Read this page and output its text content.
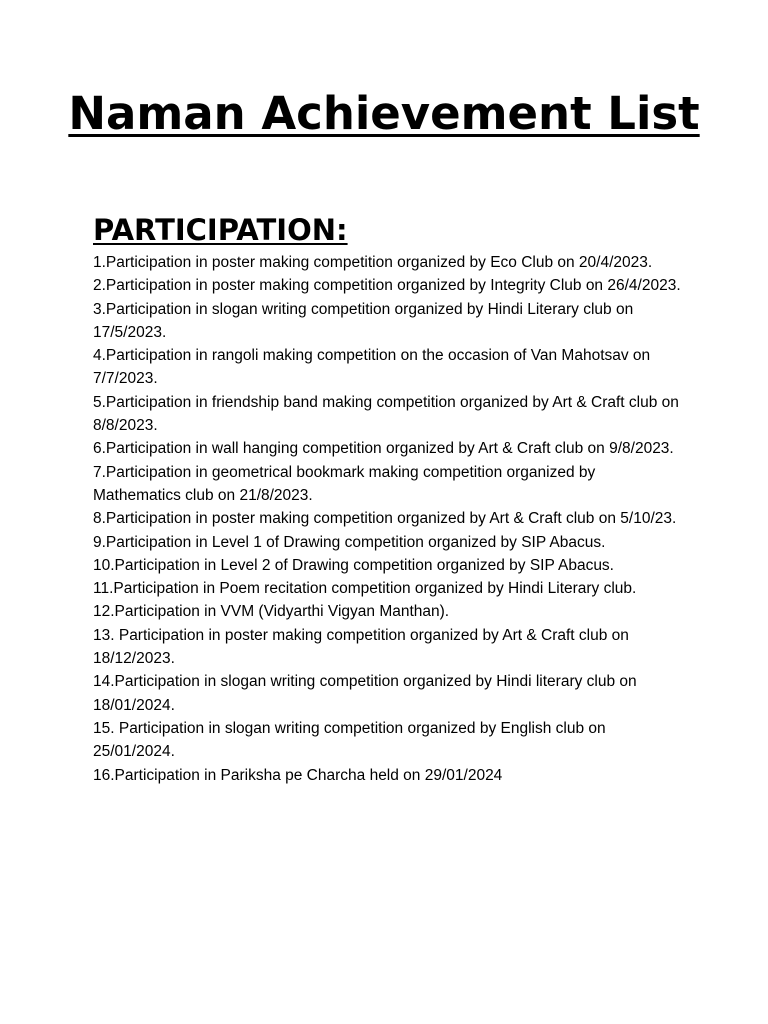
Naman Achievement List
PARTICIPATION:
1.Participation in poster making competition organized by Eco Club on 20/4/2023.
2.Participation in poster making competition organized by Integrity Club on 26/4/2023.
3.Participation in slogan writing competition organized by Hindi Literary club on 17/5/2023.
4.Participation in rangoli making competition on the occasion of Van Mahotsav on 7/7/2023.
5.Participation in friendship band making competition organized by Art & Craft club on 8/8/2023.
6.Participation in wall hanging competition organized by Art & Craft club on 9/8/2023.
7.Participation in geometrical bookmark making competition organized by Mathematics club on 21/8/2023.
8.Participation in poster making competition organized by Art & Craft club on 5/10/23.
9.Participation in Level 1 of Drawing competition organized by SIP Abacus.
10.Participation in Level 2 of Drawing competition organized by SIP Abacus.
11.Participation in Poem recitation competition organized by Hindi Literary club.
12.Participation in VVM (Vidyarthi Vigyan Manthan).
13. Participation in poster making competition organized by Art & Craft club on 18/12/2023.
14.Participation in slogan writing competition organized by Hindi literary club on 18/01/2024.
15. Participation in slogan writing competition organized by English club on 25/01/2024.
16.Participation in Pariksha pe Charcha held on 29/01/2024
